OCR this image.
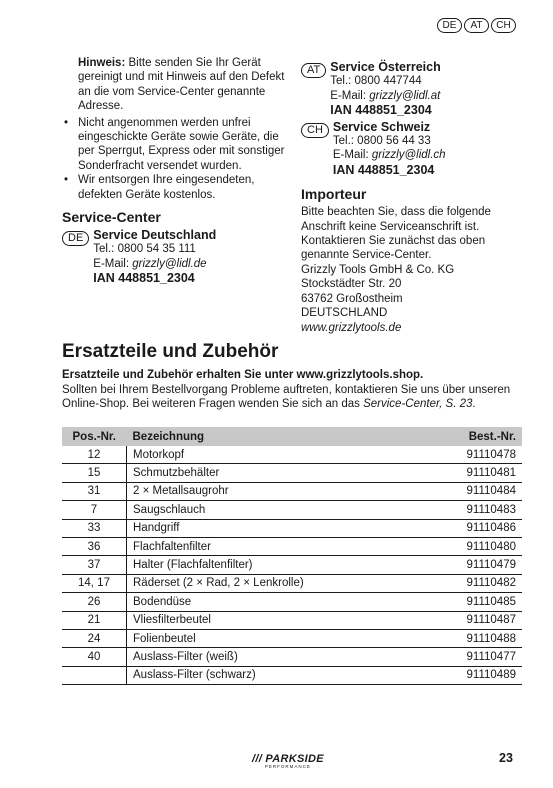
DE	AT	CH

Hinweis: Bitte senden Sie Ihr Gerät gereinigt und mit Hinweis auf den Defekt an die vom Service-Center genannte Adresse.

• Nicht angenommen werden unfrei eingeschickte Geräte sowie Geräte, die per Sperrgut, Express oder mit sonstiger Sonderfracht versendet wurden.
• Wir entsorgen Ihre eingesendeten, defekten Geräte kostenlos.
Service-Center
DE Service Deutschland
Tel.: 0800 54 35 111
E-Mail: grizzly@lidl.de
IAN 448851_2304
AT Service Österreich
Tel.: 0800 447744
E-Mail: grizzly@lidl.at
IAN 448851_2304
CH Service Schweiz
Tel.: 0800 56 44 33
E-Mail: grizzly@lidl.ch
IAN 448851_2304
Importeur

Bitte beachten Sie, dass die folgende Anschrift keine Serviceanschrift ist. Kontaktieren Sie zunächst das oben genannte Service-Center.

Grizzly Tools GmbH & Co. KG

Stockstädter Str. 20

63762 Großostheim

DEUTSCHLAND

www.grizzlytools.de

Ersatzteile und Zubehör
Ersatzteile und Zubehör erhalten Sie unter www.grizzlytools.shop.
Sollten bei Ihrem Bestellvorgang Probleme auftreten, kontaktieren Sie uns über unseren Online-Shop. Bei weiteren Fragen wenden Sie sich an das Service-Center, S. 23.
Pos.-Nr.	Bezeichnung	Best.-Nr.
12	Motorkopf	91110478
15	Schmutzbehälter	91110481
31	2 × Metallsaugrohr	91110484
7	Saugschlauch	91110483
33	Handgriff	91110486
36	Flachfaltenfilter	91110480
37	Halter (Flachfaltenfilter)	91110479
14, 17	Räderset (2 × Rad, 2 × Lenkrolle)	91110482
26	Bodendüse	91110485
21	Vliesfilterbeutel	91110487
24	Folienbeutel	91110488
40	Auslass-Filter (weiß)	91110477
	Auslass-Filter (schwarz)	91110489
/// PARKSIDE
PERFORMANCE
23
